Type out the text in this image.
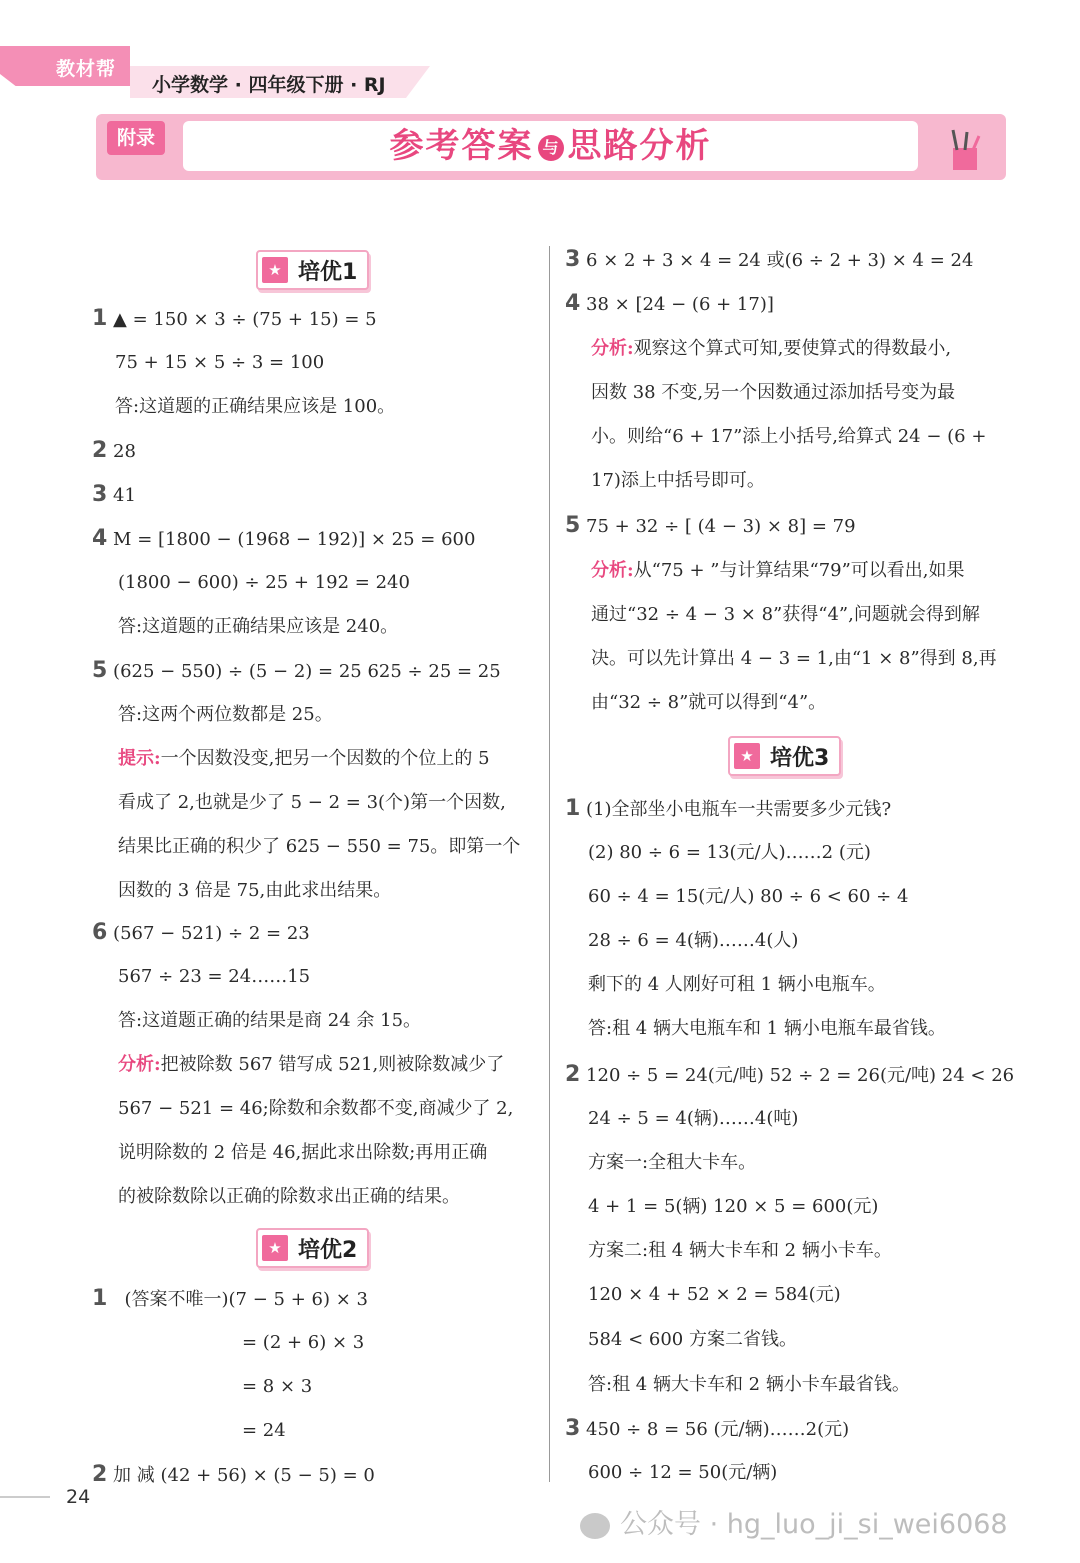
教材帮
小学数学 · 四年级下册 · RJ
附录	参考答案 与 思路分析
★ 培优1
1 ▲ = 150 × 3 ÷ (75 + 15) = 5
75 + 15 × 5 ÷ 3 = 100
答:这道题的正确结果应该是 100。
2 28
3 41
4 M = [1800 − (1968 − 192)] × 25 = 600
(1800 − 600) ÷ 25 + 192 = 240
答:这道题的正确结果应该是 240。
5 (625 − 550) ÷ (5 − 2) = 25 625 ÷ 25 = 25
答:这两个两位数都是 25。
提示:一个因数没变,把另一个因数的个位上的 5
看成了 2,也就是少了 5 − 2 = 3(个)第一个因数,
结果比正确的积少了 625 − 550 = 75。即第一个
因数的 3 倍是 75,由此求出结果。
6 (567 − 521) ÷ 2 = 23
567 ÷ 23 = 24……15
答:这道题正确的结果是商 24 余 15。
分析:把被除数 567 错写成 521,则被除数减少了
567 − 521 = 46;除数和余数都不变,商减少了 2,
说明除数的 2 倍是 46,据此求出除数;再用正确
的被除数除以正确的除数求出正确的结果。
★ 培优2
1 (答案不唯一)(7 − 5 + 6) × 3
= (2 + 6) × 3
= 8 × 3
= 24
2 加 减 (42 + 56) × (5 − 5) = 0
3 6 × 2 + 3 × 4 = 24 或(6 ÷ 2 + 3) × 4 = 24
4 38 × [24 − (6 + 17)]
分析:观察这个算式可知,要使算式的得数最小,
因数 38 不变,另一个因数通过添加括号变为最
小。则给“6 + 17”添上小括号,给算式 24 − (6 +
17)添上中括号即可。
5 75 + 32 ÷ [ (4 − 3) × 8] = 79
分析:从“75 + ”与计算结果“79”可以看出,如果
通过“32 ÷ 4 − 3 × 8”获得“4”,问题就会得到解
决。可以先计算出 4 − 3 = 1,由“1 × 8”得到 8,再
由“32 ÷ 8”就可以得到“4”。
★ 培优3
1 (1)全部坐小电瓶车一共需要多少元钱?
(2) 80 ÷ 6 = 13(元/人)……2 (元)
60 ÷ 4 = 15(元/人) 80 ÷ 6 < 60 ÷ 4
28 ÷ 6 = 4(辆)……4(人)
剩下的 4 人刚好可租 1 辆小电瓶车。
答:租 4 辆大电瓶车和 1 辆小电瓶车最省钱。
2 120 ÷ 5 = 24(元/吨) 52 ÷ 2 = 26(元/吨) 24 < 26
24 ÷ 5 = 4(辆)……4(吨)
方案一:全租大卡车。
4 + 1 = 5(辆) 120 × 5 = 600(元)
方案二:租 4 辆大卡车和 2 辆小卡车。
120 × 4 + 52 × 2 = 584(元)
584 < 600 方案二省钱。
答:租 4 辆大卡车和 2 辆小卡车最省钱。
3 450 ÷ 8 = 56 (元/辆)……2(元)
600 ÷ 12 = 50(元/辆)
24
公众号 · hg_luo_ji_si_wei6068
